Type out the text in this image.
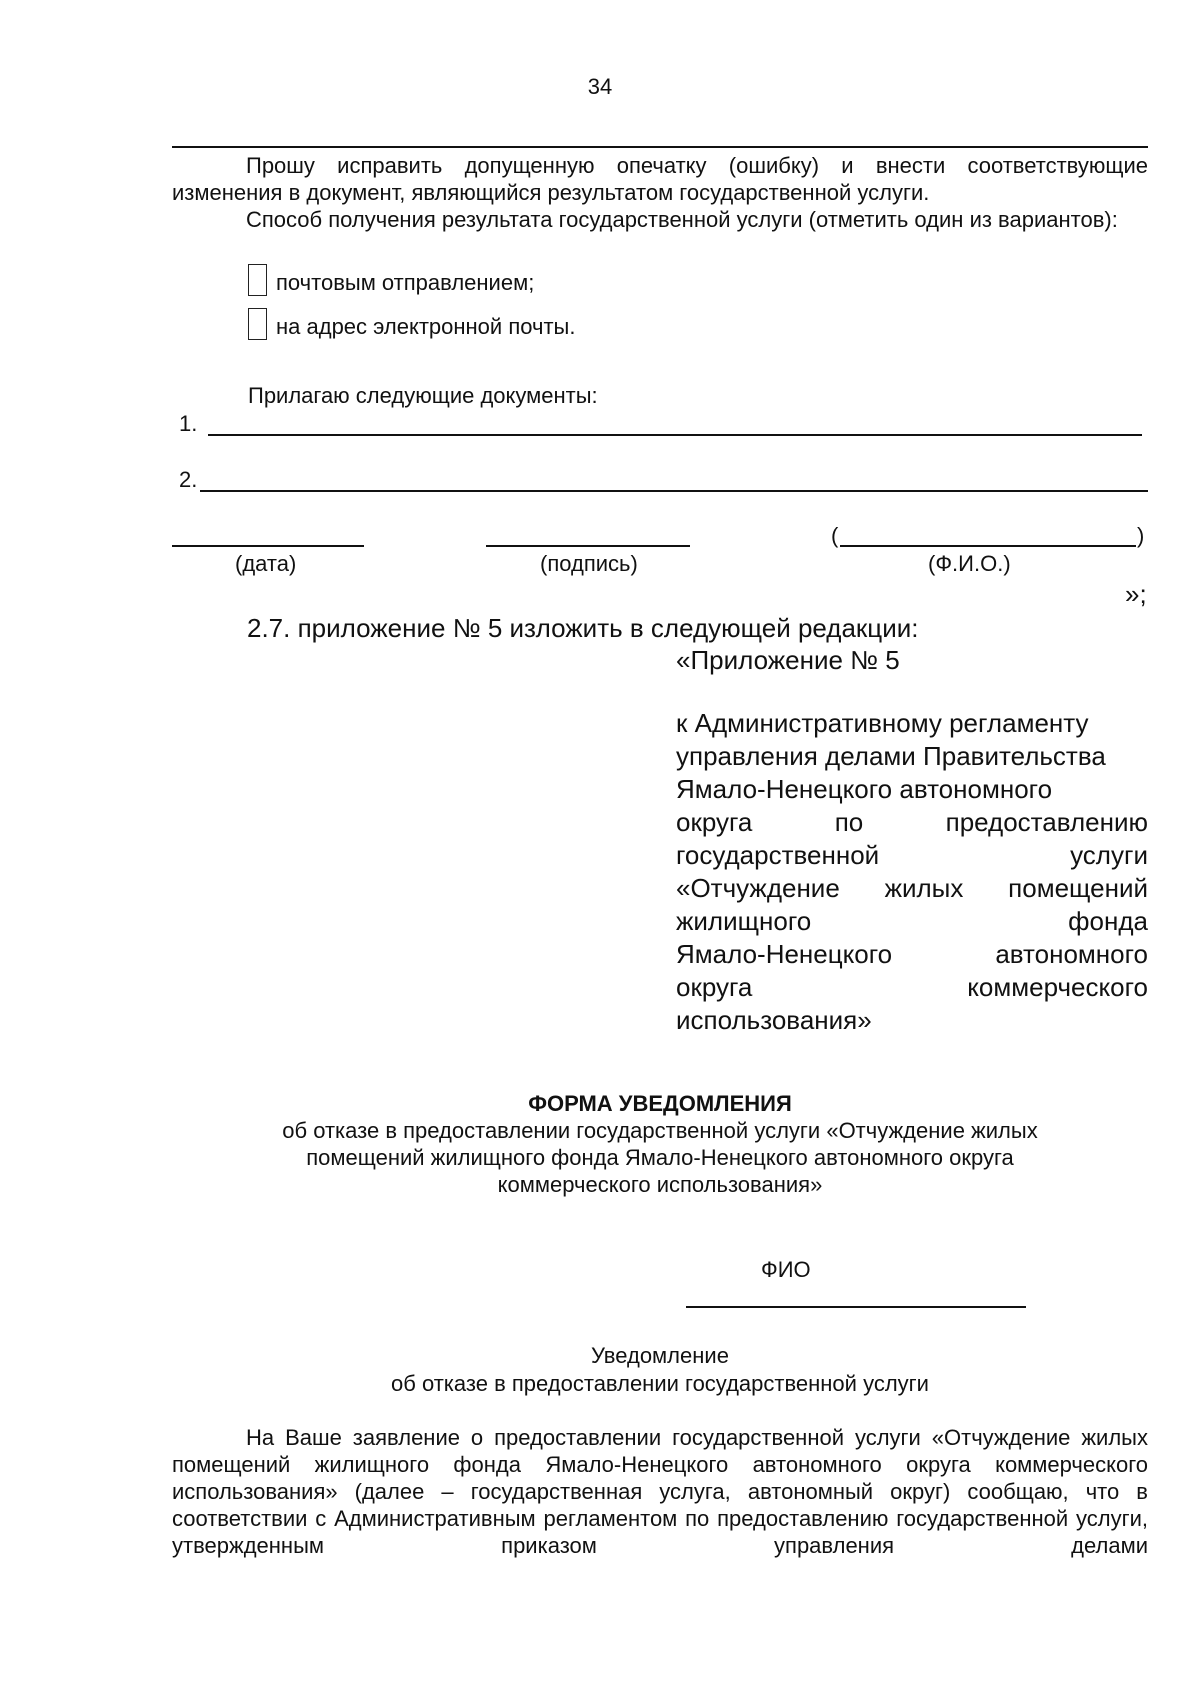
34

Прошу исправить допущенную опечатку (ошибку) и внести соответствующие изменения в документ, являющийся результатом государственной услуги.

Способ получения результата государственной услуги (отметить один из вариантов):

почтовым отправлением;
на адрес электронной почты.
Прилагаю следующие документы:
1.
2.
(	)
(дата)	(подпись)	(Ф.И.О.)
»;
2.7. приложение № 5 изложить в следующей редакции:
«Приложение № 5
к Административному регламенту
управления делами Правительства
Ямало-Ненецкого автономного
округа по предоставлению
государственной услуги
«Отчуждение жилых помещений
жилищного фонда
Ямало-Ненецкого автономного
округа коммерческого
использования»
ФОРМА УВЕДОМЛЕНИЯ
об отказе в предоставлении государственной услуги «Отчуждение жилых
помещений жилищного фонда Ямало-Ненецкого автономного округа
коммерческого использования»
ФИО
Уведомление
об отказе в предоставлении государственной услуги

На Ваше заявление о предоставлении государственной услуги «Отчуждение жилых помещений жилищного фонда Ямало-Ненецкого автономного округа коммерческого использования» (далее – государственная услуга, автономный округ) сообщаю, что в соответствии с Административным регламентом по предоставлению государственной услуги, утвержденным приказом управления делами
